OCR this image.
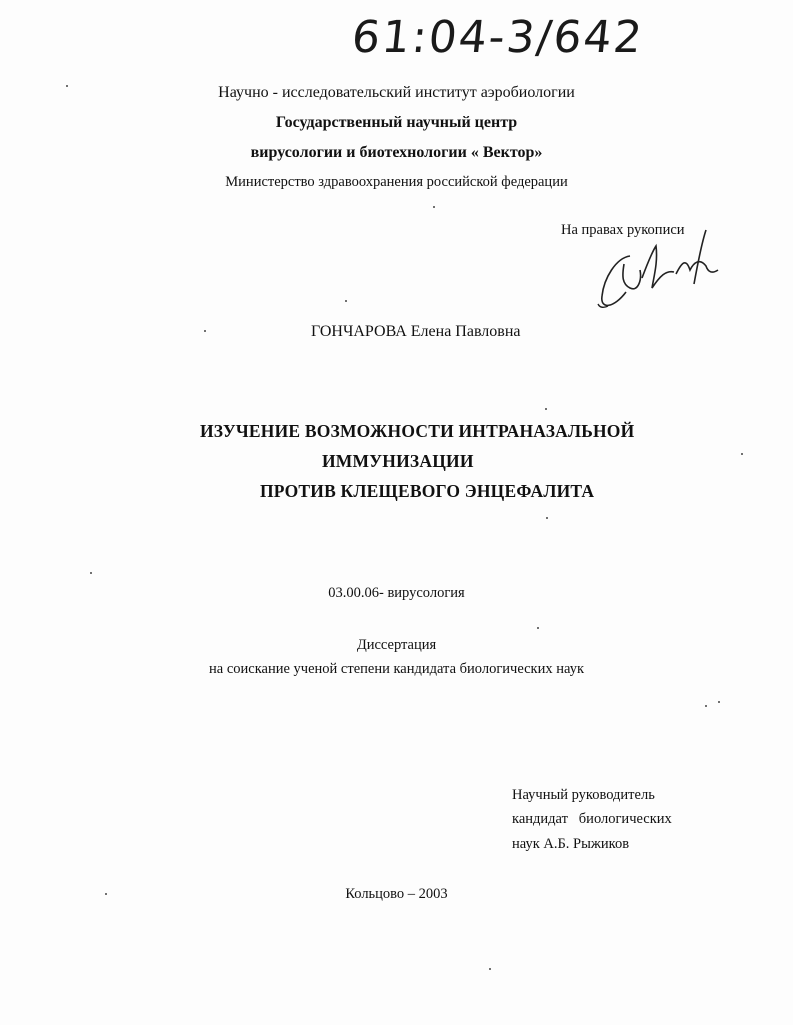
61:04-3/642
Научно - исследовательский институт аэробиологии
Государственный научный центр
вирусологии и биотехнологии « Вектор»
Министерство здравоохранения российской федерации
На правах рукописи
ГОНЧАРОВА Елена Павловна
ИЗУЧЕНИЕ ВОЗМОЖНОСТИ ИНТРАНАЗАЛЬНОЙ
ИММУНИЗАЦИИ
ПРОТИВ КЛЕЩЕВОГО ЭНЦЕФАЛИТА
03.00.06- вирусология
Диссертация
на соискание ученой степени кандидата биологических наук
Научный руководитель
кандидат   биологических
наук А.Б. Рыжиков
Кольцово – 2003
